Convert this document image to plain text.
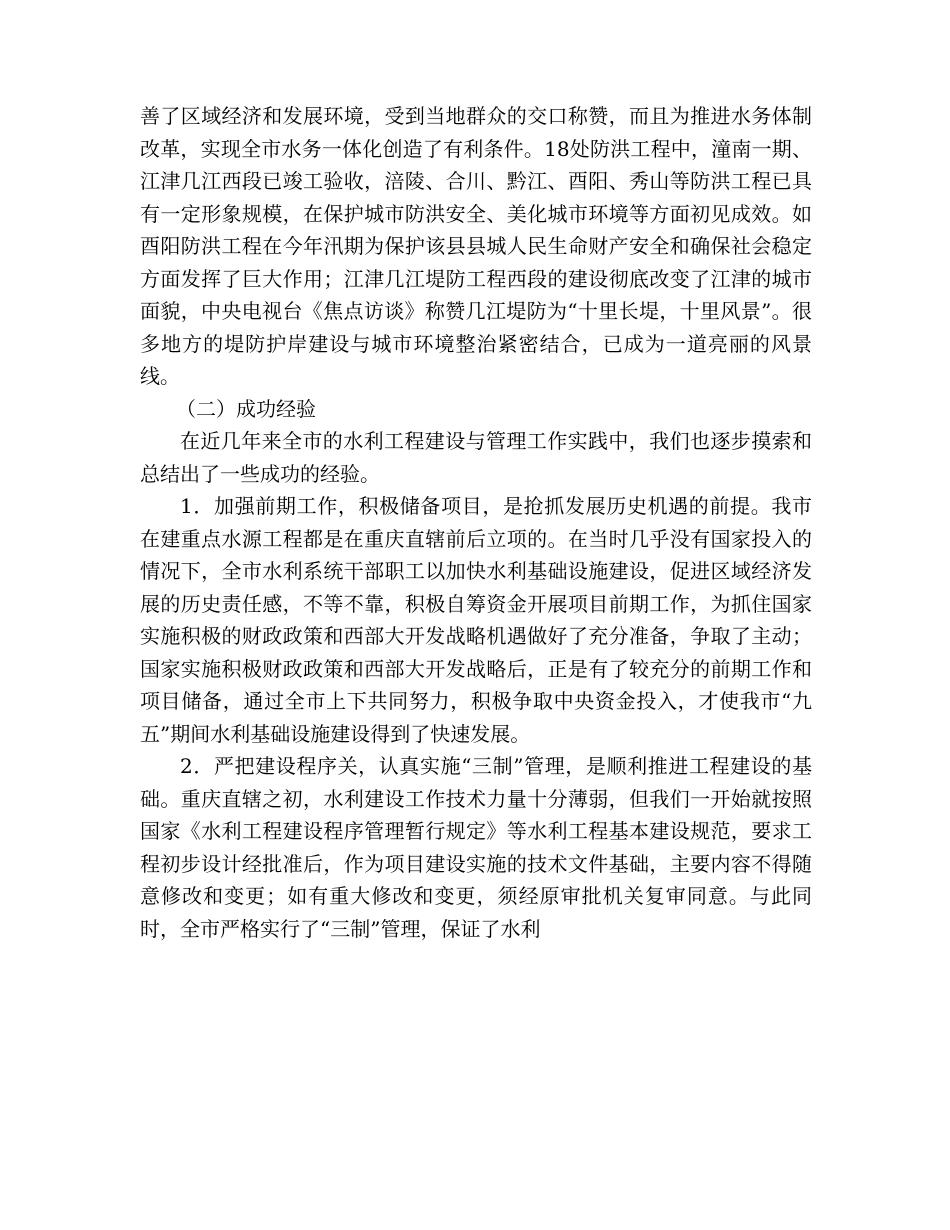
善了区域经济和发展环境，受到当地群众的交口称赞，而且为推进水务体制改革，实现全市水务一体化创造了有利条件。18处防洪工程中，潼南一期、江津几江西段已竣工验收，涪陵、合川、黔江、酉阳、秀山等防洪工程已具有一定形象规模，在保护城市防洪安全、美化城市环境等方面初见成效。如酉阳防洪工程在今年汛期为保护该县县城人民生命财产安全和确保社会稳定方面发挥了巨大作用；江津几江堤防工程西段的建设彻底改变了江津的城市面貌，中央电视台《焦点访谈》称赞几江堤防为“十里长堤，十里风景”。很多地方的堤防护岸建设与城市环境整治紧密结合，已成为一道亮丽的风景线。

（二）成功经验

在近几年来全市的水利工程建设与管理工作实践中，我们也逐步摸索和总结出了一些成功的经验。

1．加强前期工作，积极储备项目，是抢抓发展历史机遇的前提。我市在建重点水源工程都是在重庆直辖前后立项的。在当时几乎没有国家投入的情况下，全市水利系统干部职工以加快水利基础设施建设，促进区域经济发展的历史责任感，不等不靠，积极自筹资金开展项目前期工作，为抓住国家实施积极的财政政策和西部大开发战略机遇做好了充分准备，争取了主动；国家实施积极财政政策和西部大开发战略后，正是有了较充分的前期工作和项目储备，通过全市上下共同努力，积极争取中央资金投入，才使我市“九五”期间水利基础设施建设得到了快速发展。

2．严把建设程序关，认真实施“三制”管理，是顺利推进工程建设的基础。重庆直辖之初，水利建设工作技术力量十分薄弱，但我们一开始就按照国家《水利工程建设程序管理暂行规定》等水利工程基本建设规范，要求工程初步设计经批准后，作为项目建设实施的技术文件基础，主要内容不得随意修改和变更；如有重大修改和变更，须经原审批机关复审同意。与此同时，全市严格实行了“三制”管理，保证了水利
